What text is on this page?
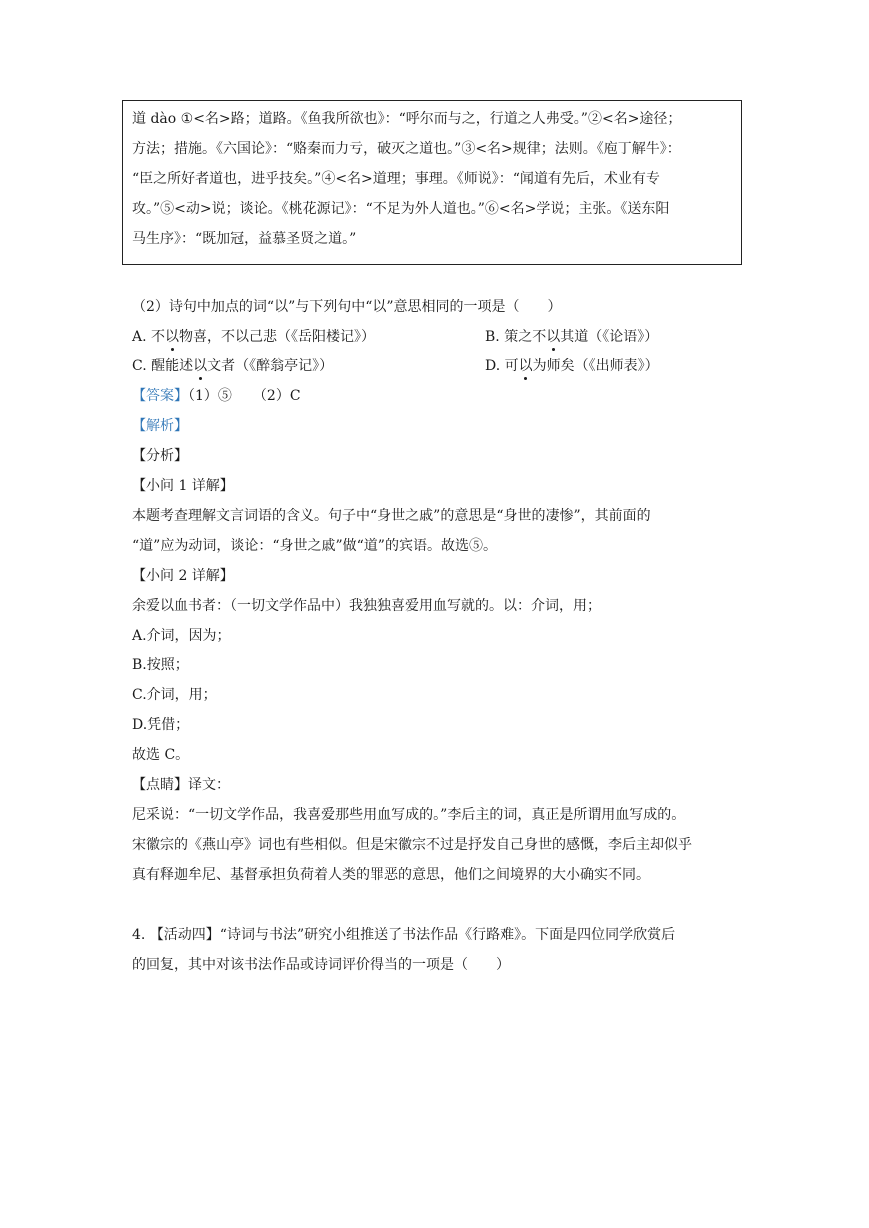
道 dào ①<名>路；道路。《鱼我所欲也》：“呼尔而与之，行道之人弗受。”②<名>途径；
方法；措施。《六国论》：“赂秦而力亏，破灭之道也。”③<名>规律；法则。《庖丁解牛》：
“臣之所好者道也，进乎技矣。”④<名>道理；事理。《师说》：“闻道有先后，术业有专
攻。”⑤<动>说；谈论。《桃花源记》：“不足为外人道也。”⑥<名>学说；主张。《送东阳
马生序》：“既加冠，益慕圣贤之道。”
（2）诗句中加点的词“以”与下列句中“以”意思相同的一项是（　　）
A. 不以物喜，不以己悲（《岳阳楼记》）	B. 策之不以其道（《论语》）
C. 醒能述以文者（《醉翁亭记》）	D. 可以为师矣（《出师表》）
【答案】（1）⑤　　（2）C
【解析】
【分析】
【小问 1 详解】
本题考查理解文言词语的含义。句子中“身世之戚”的意思是“身世的凄惨”，其前面的
“道”应为动词，谈论：“身世之戚”做“道”的宾语。故选⑤。
【小问 2 详解】
余爱以血书者：（一切文学作品中）我独独喜爱用血写就的。以：介词，用；
A.介词，因为；
B.按照；
C.介词，用；
D.凭借；
故选 C。
【点睛】译文：
尼采说：“一切文学作品，我喜爱那些用血写成的。”李后主的词，真正是所谓用血写成的。
宋徽宗的《燕山亭》词也有些相似。但是宋徽宗不过是抒发自己身世的感慨，李后主却似乎
真有释迦牟尼、基督承担负荷着人类的罪恶的意思，他们之间境界的大小确实不同。
4. 【活动四】“诗词与书法”研究小组推送了书法作品《行路难》。下面是四位同学欣赏后
的回复，其中对该书法作品或诗词评价得当的一项是（　　）
